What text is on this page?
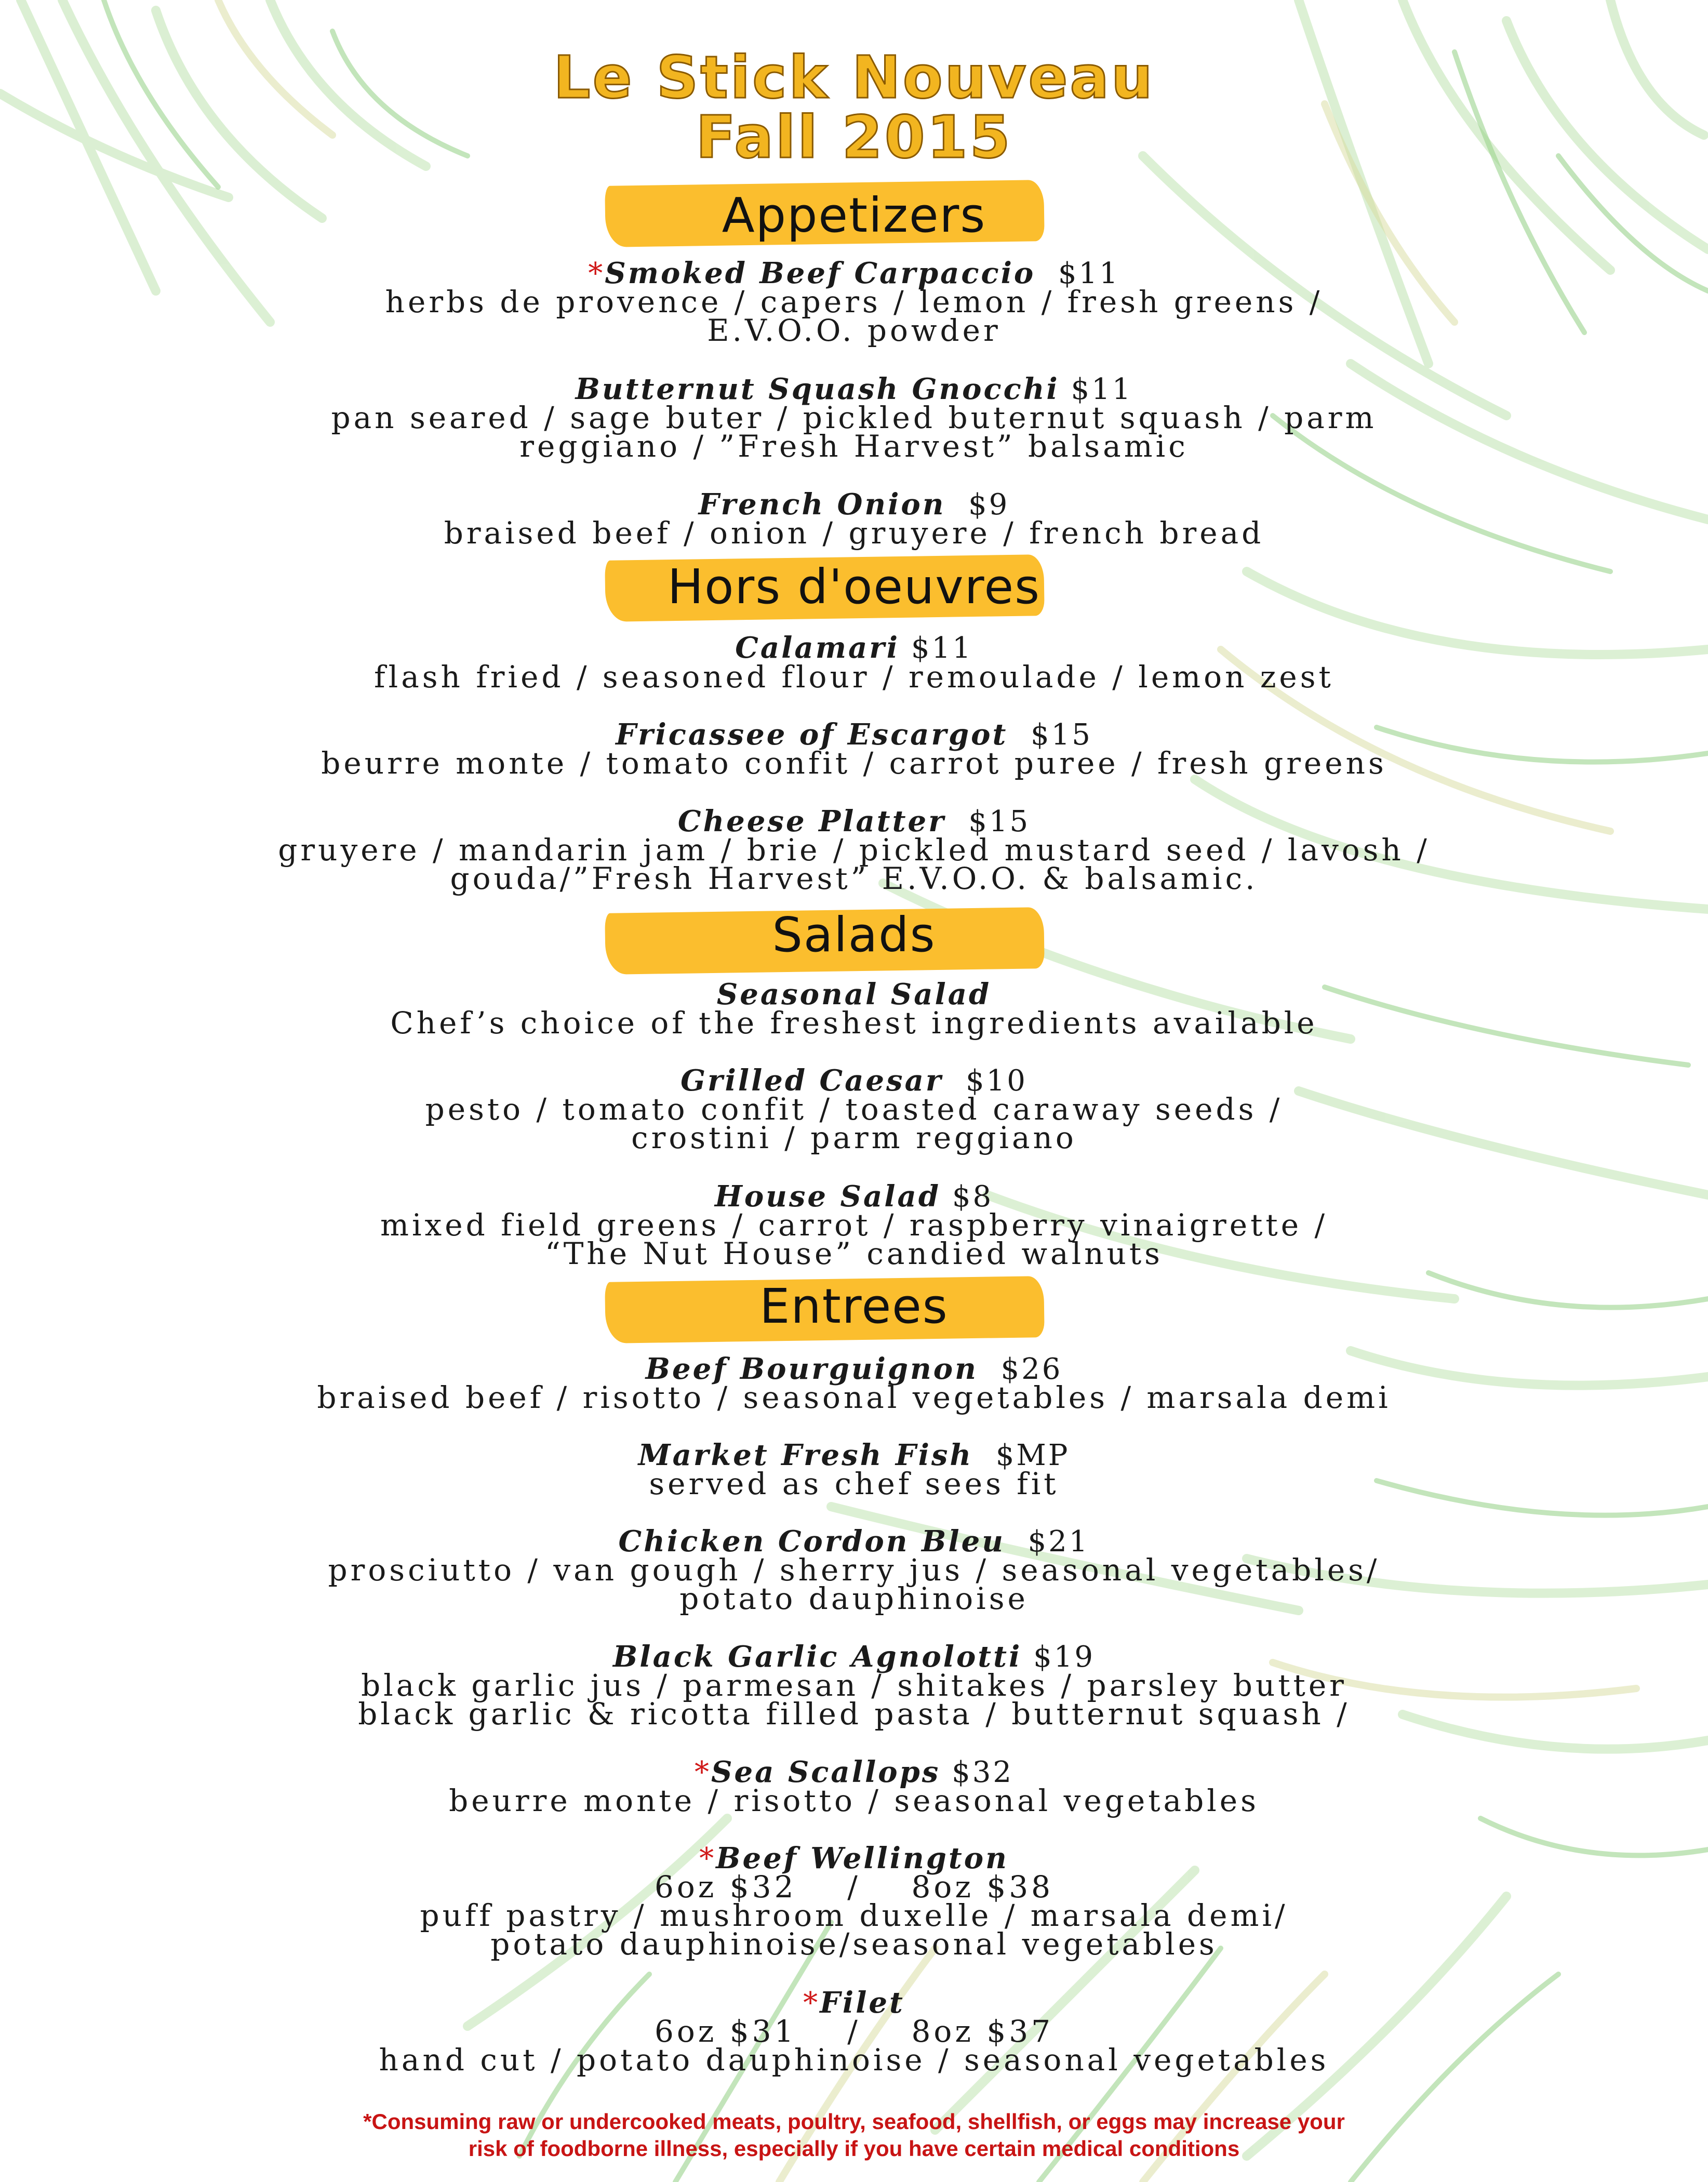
Le Stick Nouveau
Fall 2015
Appetizers
*Smoked Beef Carpaccio $11
herbs de provence / capers / lemon / fresh greens /
E.V.O.O. powder
Butternut Squash Gnocchi $11
pan seared / sage buter / pickled buternut squash / parm
reggiano / ”Fresh Harvest” balsamic
French Onion $9
braised beef / onion / gruyere / french bread
Hors d'oeuvres
Calamari $11
flash fried / seasoned flour / remoulade / lemon zest
Fricassee of Escargot $15
beurre monte / tomato confit / carrot puree / fresh greens
Cheese Platter $15
gruyere / mandarin jam / brie / pickled mustard seed / lavosh /
gouda/”Fresh Harvest” E.V.O.O. & balsamic.
Salads
Seasonal Salad
Chef’s choice of the freshest ingredients available
Grilled Caesar $10
pesto / tomato confit / toasted caraway seeds /
crostini / parm reggiano
House Salad $8
mixed field greens / carrot / raspberry vinaigrette /
“The Nut House” candied walnuts
Entrees
Beef Bourguignon $26
braised beef / risotto / seasonal vegetables / marsala demi
Market Fresh Fish $MP
served as chef sees fit
Chicken Cordon Bleu $21
prosciutto / van gough / sherry jus / seasonal vegetables/
potato dauphinoise
Black Garlic Agnolotti $19
black garlic jus / parmesan / shitakes / parsley butter
black garlic & ricotta filled pasta / butternut squash /
*Sea Scallops $32
beurre monte / risotto / seasonal vegetables
*Beef Wellington
6oz $32    /    8oz $38
puff pastry / mushroom duxelle / marsala demi/
potato dauphinoise/seasonal vegetables
*Filet
6oz $31    /    8oz $37
hand cut / potato dauphinoise / seasonal vegetables
*Consuming raw or undercooked meats, poultry, seafood, shellfish, or eggs may increase your
risk of foodborne illness, especially if you have certain medical conditions
